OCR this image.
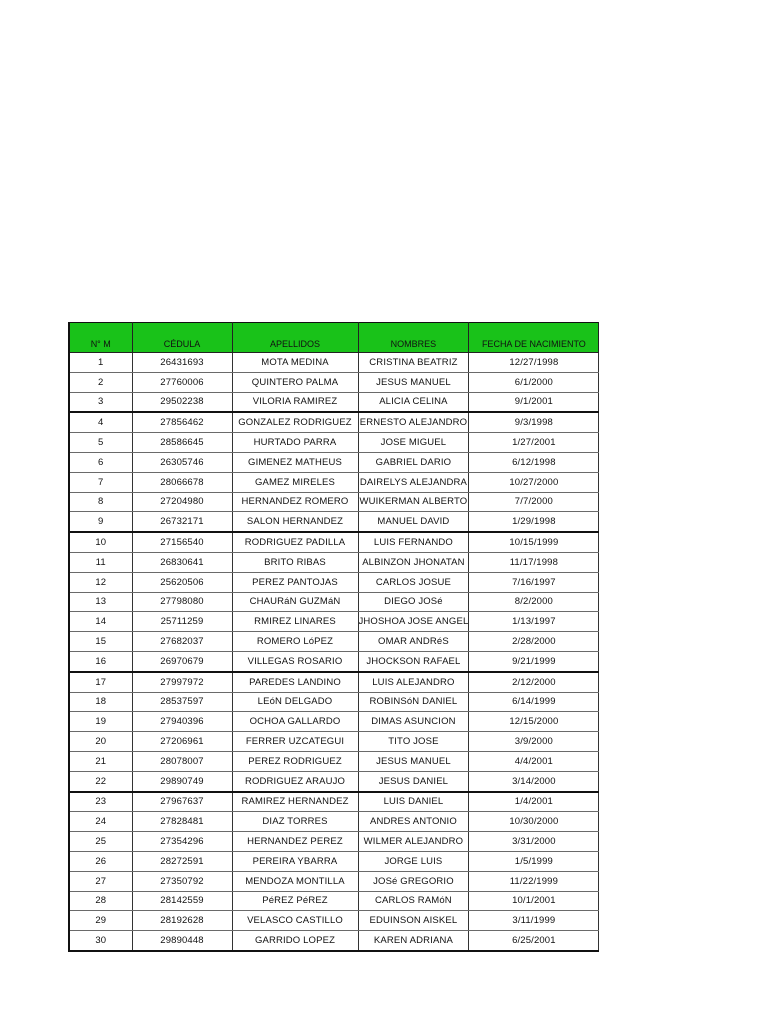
N° M	CÉDULA	APELLIDOS	NOMBRES	FECHA DE NACIMIENTO
1	26431693	MOTA MEDINA	CRISTINA BEATRIZ	12/27/1998
2	27760006	QUINTERO PALMA	JESUS MANUEL	6/1/2000
3	29502238	VILORIA RAMIREZ	ALICIA CELINA	9/1/2001
4	27856462	GONZALEZ RODRIGUEZ	ERNESTO ALEJANDRO	9/3/1998
5	28586645	HURTADO PARRA	JOSE MIGUEL	1/27/2001
6	26305746	GIMENEZ MATHEUS	GABRIEL DARIO	6/12/1998
7	28066678	GAMEZ MIRELES	DAIRELYS ALEJANDRA	10/27/2000
8	27204980	HERNANDEZ ROMERO	WUIKERMAN ALBERTO	7/7/2000
9	26732171	SALON HERNANDEZ	MANUEL DAVID	1/29/1998
10	27156540	RODRIGUEZ PADILLA	LUIS FERNANDO	10/15/1999
11	26830641	BRITO RIBAS	ALBINZON JHONATAN	11/17/1998
12	25620506	PEREZ PANTOJAS	CARLOS JOSUE	7/16/1997
13	27798080	CHAURáN GUZMáN	DIEGO JOSé	8/2/2000
14	25711259	RMIREZ LINARES	JHOSHOA JOSE ANGEL	1/13/1997
15	27682037	ROMERO LóPEZ	OMAR ANDRéS	2/28/2000
16	26970679	VILLEGAS ROSARIO	JHOCKSON RAFAEL	9/21/1999
17	27997972	PAREDES LANDINO	LUIS ALEJANDRO	2/12/2000
18	28537597	LEóN DELGADO	ROBINSóN DANIEL	6/14/1999
19	27940396	OCHOA GALLARDO	DIMAS ASUNCION	12/15/2000
20	27206961	FERRER UZCATEGUI	TITO JOSE	3/9/2000
21	28078007	PEREZ RODRIGUEZ	JESUS MANUEL	4/4/2001
22	29890749	RODRIGUEZ ARAUJO	JESUS DANIEL	3/14/2000
23	27967637	RAMIREZ HERNANDEZ	LUIS DANIEL	1/4/2001
24	27828481	DIAZ TORRES	ANDRES ANTONIO	10/30/2000
25	27354296	HERNANDEZ PEREZ	WILMER ALEJANDRO	3/31/2000
26	28272591	PEREIRA YBARRA	JORGE LUIS	1/5/1999
27	27350792	MENDOZA MONTILLA	JOSé GREGORIO	11/22/1999
28	28142559	PéREZ PéREZ	CARLOS RAMóN	10/1/2001
29	28192628	VELASCO CASTILLO	EDUINSON AISKEL	3/11/1999
30	29890448	GARRIDO LOPEZ	KAREN ADRIANA	6/25/2001
